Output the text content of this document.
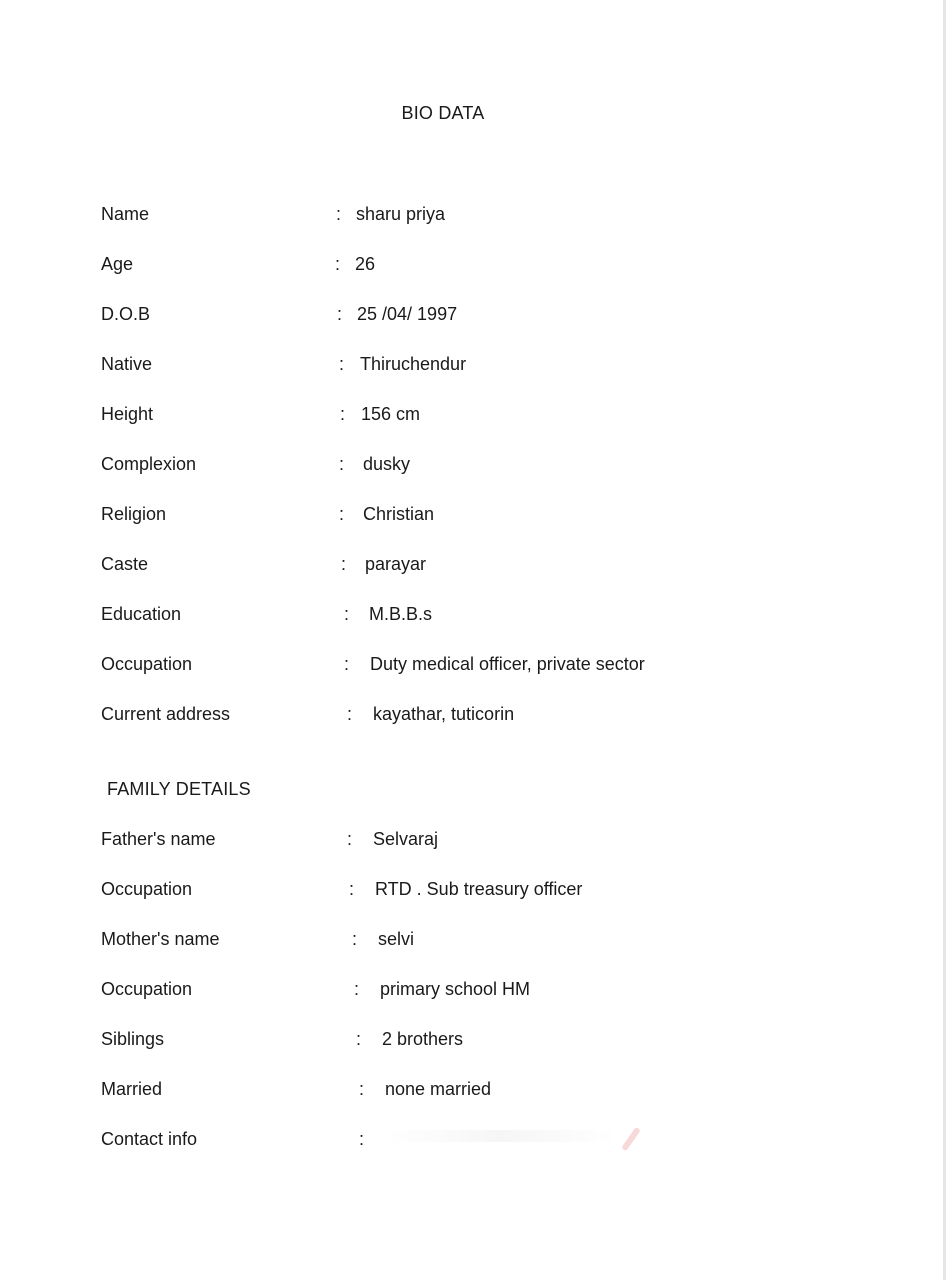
BIO DATA
Name	: sharu priya
Age	: 26
D.O.B	: 25 /04/ 1997
Native	: Thiruchendur
Height	: 156 cm
Complexion	: dusky
Religion	: Christian
Caste	: parayar
Education	: M.B.B.s
Occupation	: Duty medical officer, private sector
Current address	: kayathar, tuticorin
FAMILY DETAILS
Father's name	: Selvaraj
Occupation	: RTD . Sub treasury officer
Mother's name	: selvi
Occupation	: primary school HM
Siblings	: 2 brothers
Married	: none married
Contact info	:
